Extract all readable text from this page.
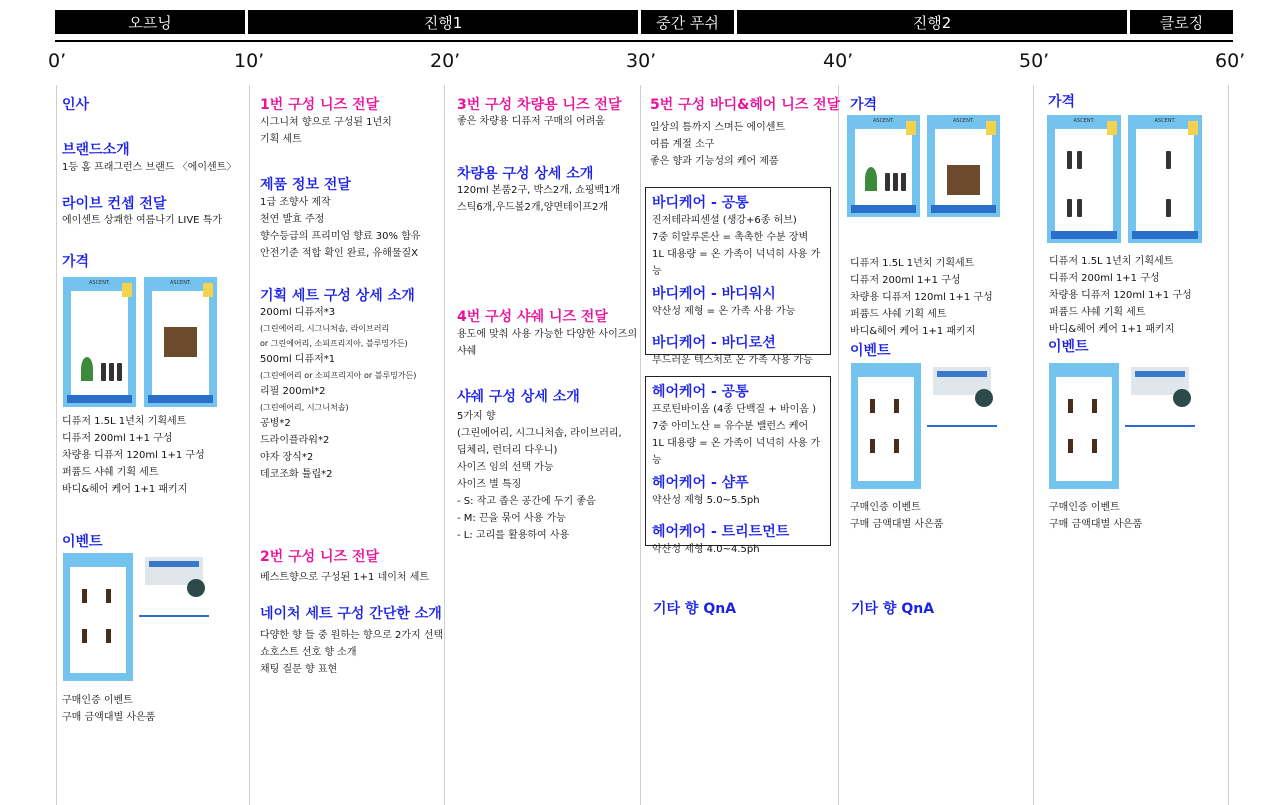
오프닝	진행1	중간 푸쉬	진행2	클로징
0’	10’	20’	30’	40’	50’	60’
인사
브랜드소개
1등 홈 프래그런스 브랜드 〈에이센트〉
라이브 컨셉 전달
에이센트 상쾌한 여름나기 LIVE 특가
가격
ASCENT.	ASCENT.
디퓨저 1.5L 1년치 기획세트
디퓨저 200ml 1+1 구성
차량용 디퓨저 120ml 1+1 구성
퍼퓸드 샤쉐 기획 세트
바디&헤어 케어 1+1 패키지
이벤트
구매인증 이벤트
구매 금액대별 사은품
1번 구성 니즈 전달
시그니쳐 향으로 구성된 1년치
기획 세트
제품 정보 전달
1급 조향사 제작
천연 발효 주정
향수등급의 프리미엄 향료 30% 함유
안전기준 적합 확인 완료, 유해물질X
기획 세트 구성 상세 소개
200ml 디퓨저*3
(그린에어리, 시그니처솝, 라이브러리
or 그린에어리, 소피프리지아, 블루밍가든)
500ml 디퓨저*1
(그린에어리 or 소피프리지아 or 블루밍가든)
리필 200ml*2
(그린에어리, 시그니처솝)
공병*2
드라이플라워*2
야자 장식*2
데코조화 튤립*2
2번 구성 니즈 전달
베스트향으로 구성된 1+1 네이처 세트
네이처 세트 구성 간단한 소개
다양한 향 들 중 원하는 향으로 2가지 선택
쇼호스트 선호 향 소개
채팅 질문 향 표현
3번 구성 차량용 니즈 전달
좋은 차량용 디퓨저 구매의 어려움
차량용 구성 상세 소개
120ml 본품2구, 박스2개, 쇼핑백1개
스틱6개,우드볼2개,양면테이프2개
4번 구성 샤쉐 니즈 전달
용도에 맞춰 사용 가능한 다양한 사이즈의
샤쉐
샤쉐 구성 상세 소개
5가지 향
(그린에어리, 시그니처솝, 라이브러리,
딥체리, 런더리 다우니)
사이즈 임의 선택 가능
사이즈 별 특징
- S: 작고 좁은 공간에 두기 좋음
- M: 끈을 묶어 사용 가능
- L: 고리를 활용하여 사용
5번 구성 바디&헤어 니즈 전달
일상의 틈까지 스며든 에이센트
여름 계절 소구
좋은 향과 기능성의 케어 제품
바디케어 - 공통
진저테라피센셜 (생강+6종 허브)
7중 히알루론산 = 촉촉한 수분 장벽
1L 대용량 = 온 가족이 넉넉히 사용 가능
바디케어 - 바디워시
약산성 제형 = 온 가족 사용 가능
바디케어 - 바디로션
부드러운 텍스처로 온 가족 사용 가능
헤어케어 - 공통
프로틴바이옴 (4종 단백질 + 바이옴 )
7중 아미노산 = 유수분 밸런스 케어
1L 대용량 = 온 가족이 넉넉히 사용 가능
헤어케어 - 샴푸
약산성 제형 5.0~5.5ph
헤어케어 - 트리트먼트
약산성 제형 4.0~4.5ph
기타 향 QnA
가격
ASCENT.	ASCENT.
디퓨저 1.5L 1년치 기획세트
디퓨저 200ml 1+1 구성
차량용 디퓨저 120ml 1+1 구성
퍼퓸드 샤쉐 기획 세트
바디&헤어 케어 1+1 패키지
이벤트
구매인증 이벤트
구매 금액대별 사은품
기타 향 QnA
가격
ASCENT.	ASCENT.
디퓨저 1.5L 1년치 기획세트
디퓨저 200ml 1+1 구성
차량용 디퓨저 120ml 1+1 구성
퍼퓸드 샤쉐 기획 세트
바디&헤어 케어 1+1 패키지
이벤트
구매인증 이벤트
구매 금액대별 사은품
